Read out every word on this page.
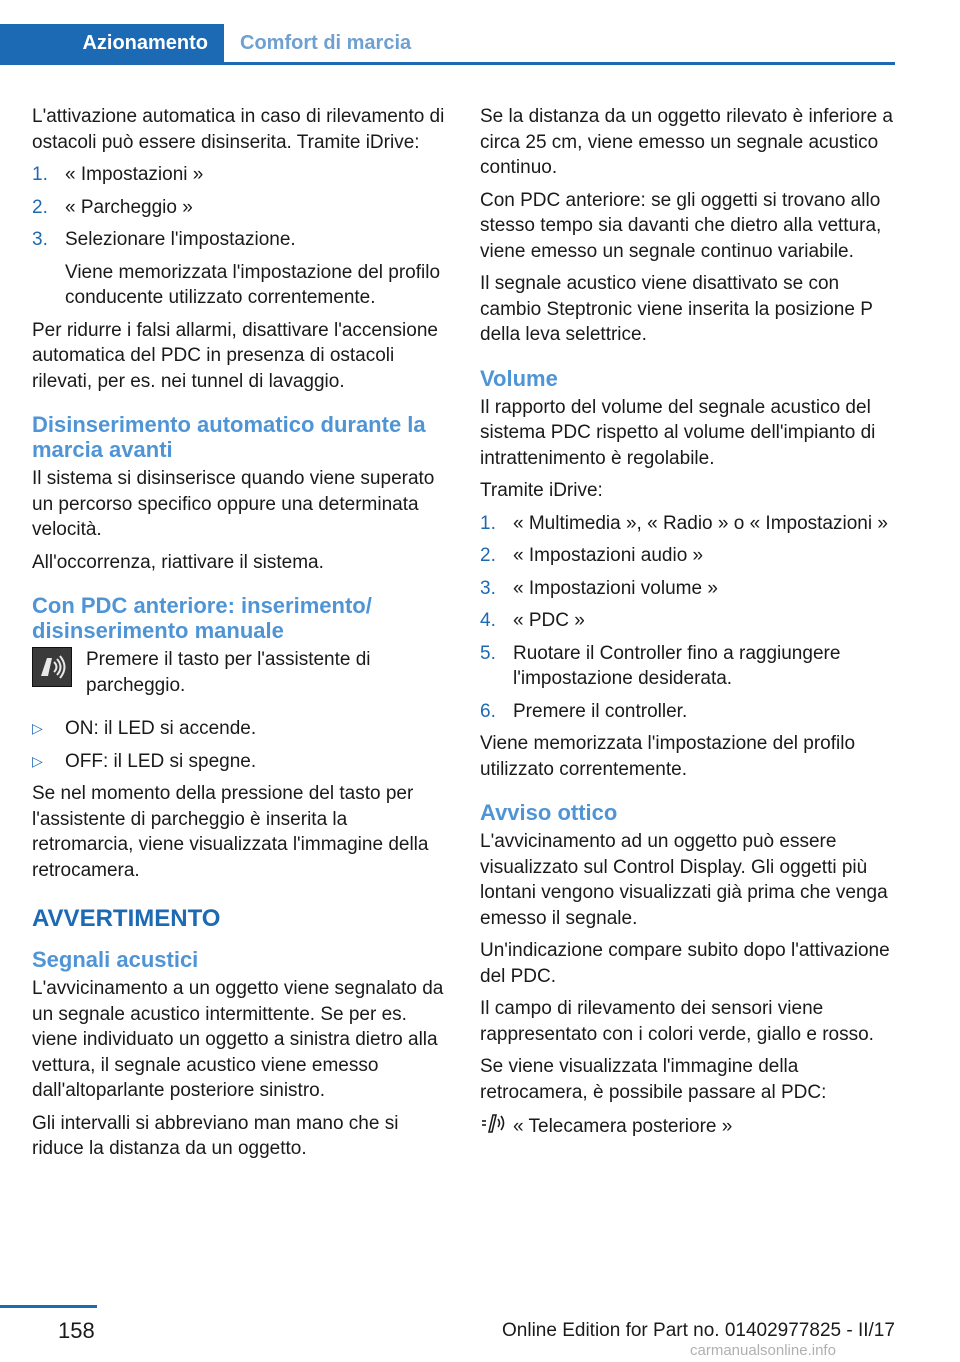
Azionamento	Comfort di marcia

L'attivazione automatica in caso di rilevamento di ostacoli può essere disinserita. Tramite iDrive:

1. « Impostazioni »
2. « Parcheggio »
3. Selezionare l'impostazione.
Viene memorizzata l'impostazione del profilo conducente utilizzato correntemente.

Per ridurre i falsi allarmi, disattivare l'accensione automatica del PDC in presenza di ostacoli rilevati, per es. nei tunnel di lavaggio.

Disinserimento automatico durante la marcia avanti

Il sistema si disinserisce quando viene superato un percorso specifico oppure una determinata velocità.

All'occorrenza, riattivare il sistema.

Con PDC anteriore: inserimento/ disinserimento manuale
Premere il tasto per l'assistente di parcheggio.
▷	ON: il LED si accende.
▷	OFF: il LED si spegne.

Se nel momento della pressione del tasto per l'assistente di parcheggio è inserita la retromarcia, viene visualizzata l'immagine della retrocamera.

AVVERTIMENTO
Segnali acustici

L'avvicinamento a un oggetto viene segnalato da un segnale acustico intermittente. Se per es. viene individuato un oggetto a sinistra dietro alla vettura, il segnale acustico viene emesso dall'altoparlante posteriore sinistro.

Gli intervalli si abbreviano man mano che si riduce la distanza da un oggetto.

Se la distanza da un oggetto rilevato è inferiore a circa 25 cm, viene emesso un segnale acustico continuo.

Con PDC anteriore: se gli oggetti si trovano allo stesso tempo sia davanti che dietro alla vettura, viene emesso un segnale continuo variabile.

Il segnale acustico viene disattivato se con cambio Steptronic viene inserita la posizione P della leva selettrice.

Volume

Il rapporto del volume del segnale acustico del sistema PDC rispetto al volume dell'impianto di intrattenimento è regolabile.

Tramite iDrive:

1. « Multimedia », « Radio » o « Impostazioni »
2. « Impostazioni audio »
3. « Impostazioni volume »
4. « PDC »
5. Ruotare il Controller fino a raggiungere l'impostazione desiderata.
6. Premere il controller.

Viene memorizzata l'impostazione del profilo utilizzato correntemente.

Avviso ottico

L'avvicinamento ad un oggetto può essere visualizzato sul Control Display. Gli oggetti più lontani vengono visualizzati già prima che venga emesso il segnale.

Un'indicazione compare subito dopo l'attivazione del PDC.

Il campo di rilevamento dei sensori viene rappresentato con i colori verde, giallo e rosso.

Se viene visualizzata l'immagine della retrocamera, è possibile passare al PDC:

« Telecamera posteriore »
158	Online Edition for Part no. 01402977825 - II/17
carmanualsonline.info
